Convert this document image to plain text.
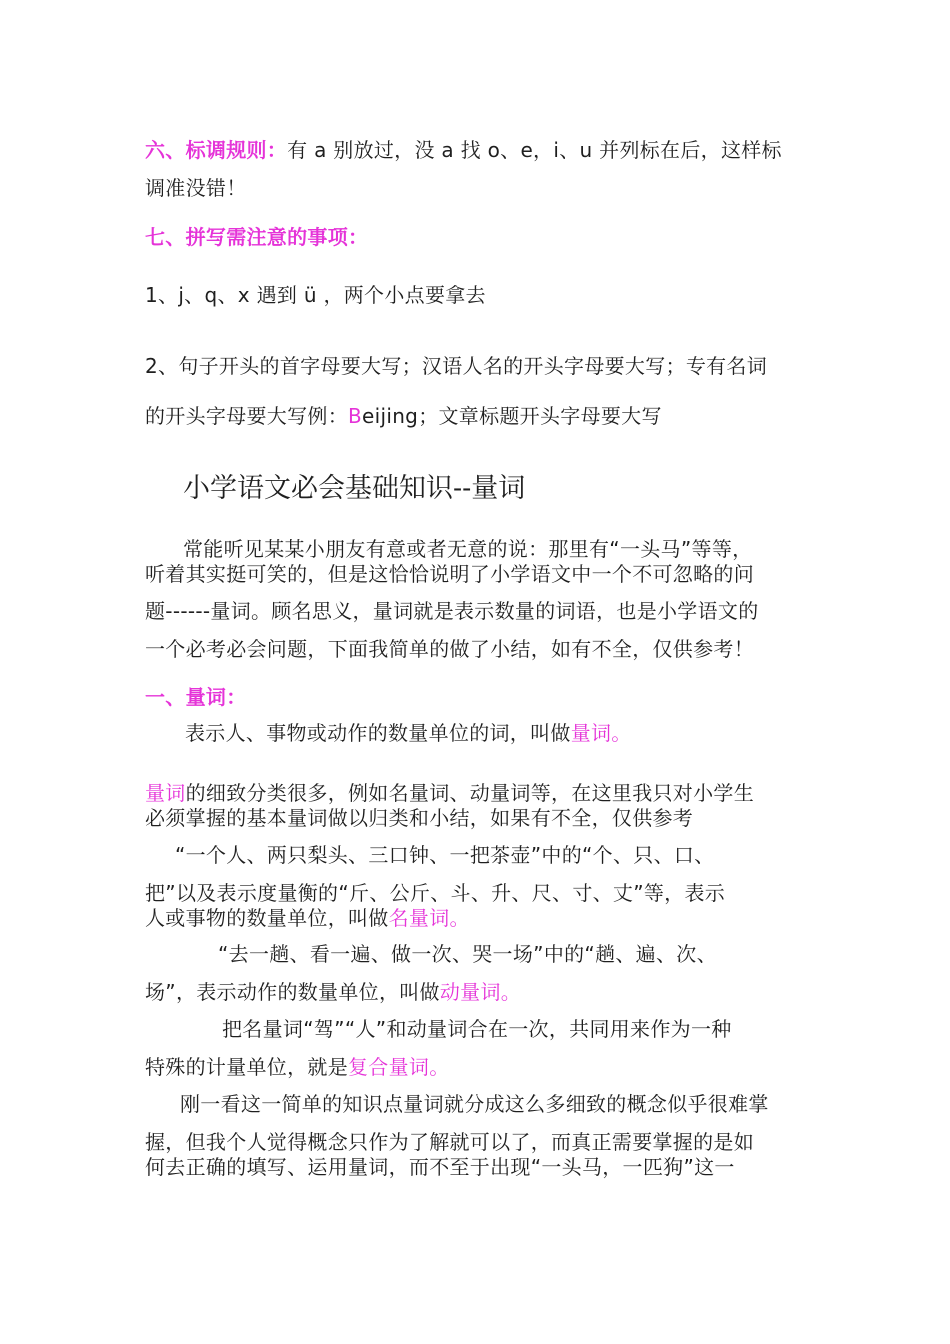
六、标调规则：有 a 别放过，没 a 找 o、e，i、u 并列标在后，这样标
调准没错！
七、拼写需注意的事项：
1、j、q、x 遇到 ü ，两个小点要拿去
2、句子开头的首字母要大写；汉语人名的开头字母要大写；专有名词
的开头字母要大写例：Beijing；文章标题开头字母要大写
小学语文必会基础知识--量词
常能听见某某小朋友有意或者无意的说：那里有“一头马”等等，
听着其实挺可笑的，但是这恰恰说明了小学语文中一个不可忽略的问
题------量词。顾名思义，量词就是表示数量的词语，也是小学语文的
一个必考必会问题，下面我简单的做了小结，如有不全，仅供参考！
一、量词：
表示人、事物或动作的数量单位的词，叫做量词。
量词的细致分类很多，例如名量词、动量词等，在这里我只对小学生
必须掌握的基本量词做以归类和小结，如果有不全，仅供参考
“一个人、两只梨头、三口钟、一把茶壶”中的“个、只、口、
把”以及表示度量衡的“斤、公斤、斗、升、尺、寸、丈”等，表示
人或事物的数量单位，叫做名量词。
“去一趟、看一遍、做一次、哭一场”中的“趟、遍、次、
场”，表示动作的数量单位，叫做动量词。
把名量词“驾”“人”和动量词合在一次，共同用来作为一种
特殊的计量单位，就是复合量词。
刚一看这一简单的知识点量词就分成这么多细致的概念似乎很难掌
握，但我个人觉得概念只作为了解就可以了，而真正需要掌握的是如
何去正确的填写、运用量词，而不至于出现“一头马，一匹狗”这一
